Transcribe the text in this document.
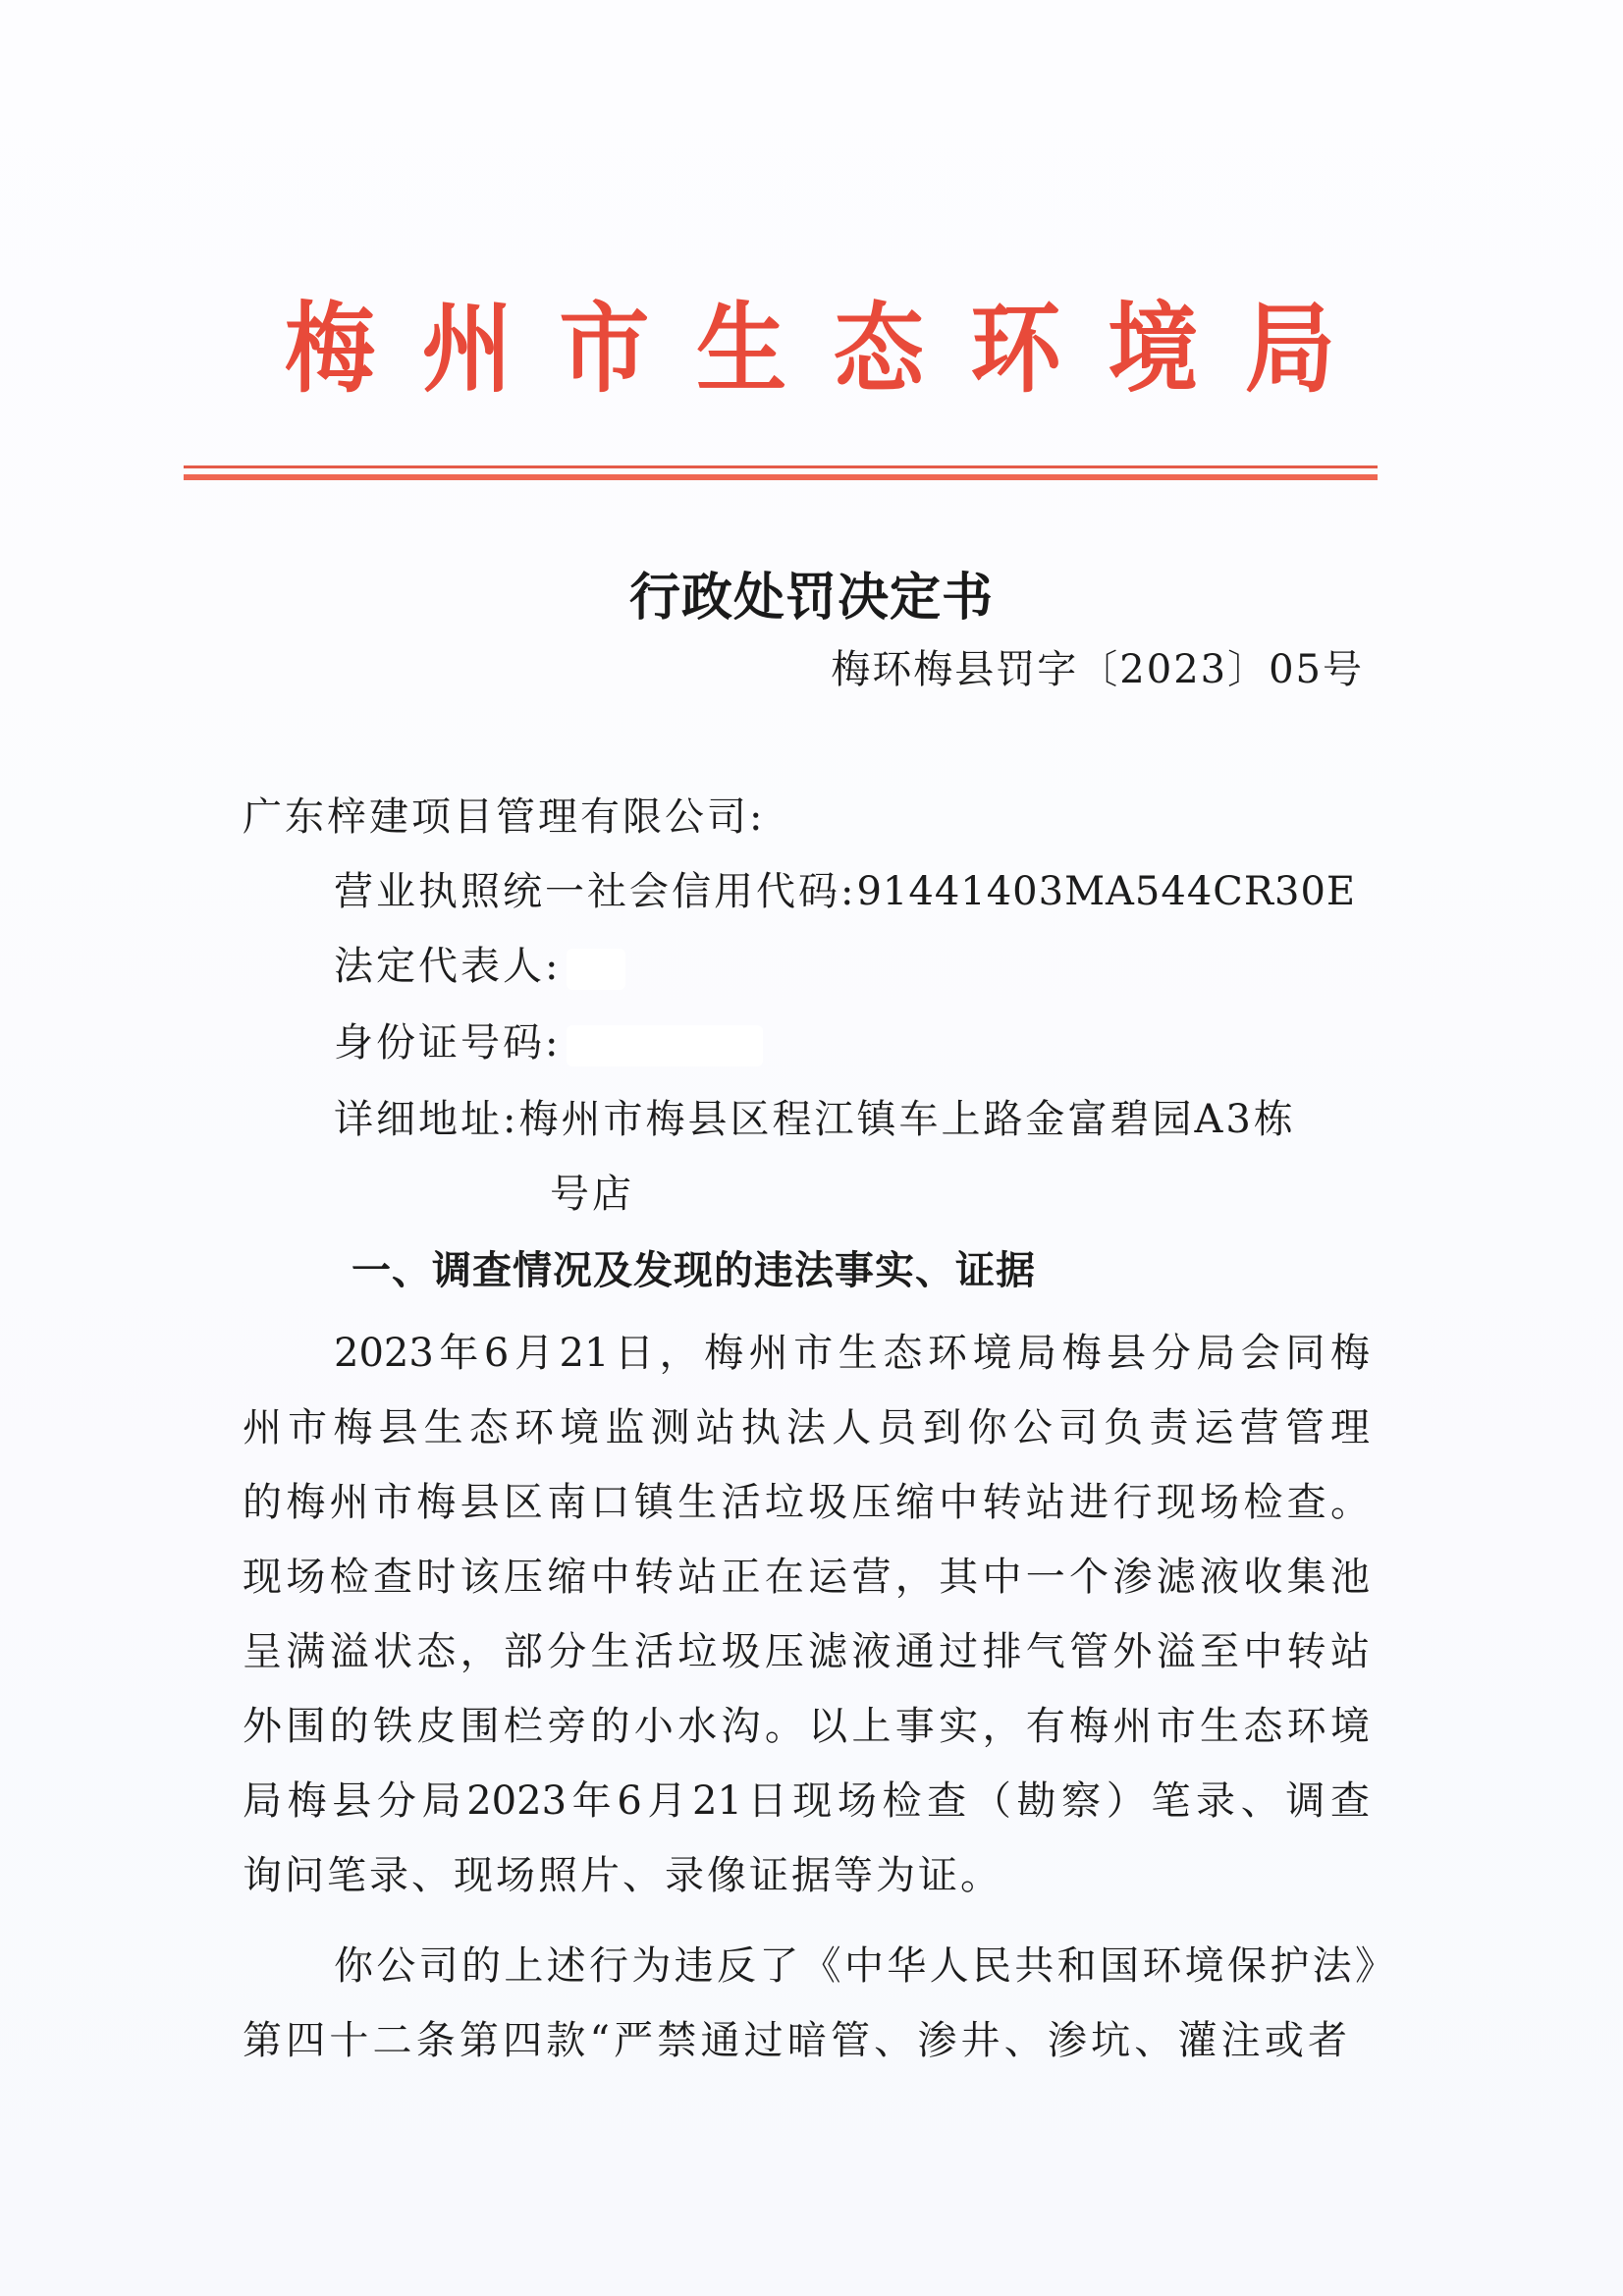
梅 州 市 生 态 环 境 局
行政处罚决定书
梅环梅县罚字〔2023〕05号
广东梓建项目管理有限公司:
营业执照统一社会信用代码:91441403MA544CR30E
法定代表人:
身份证号码:
详细地址:梅州市梅县区程江镇车上路金富碧园A3栋
号店
一、调查情况及发现的违法事实、证据
2023年6月21日，梅州市生态环境局梅县分局会同梅
州市梅县生态环境监测站执法人员到你公司负责运营管理
的梅州市梅县区南口镇生活垃圾压缩中转站进行现场检查。
现场检查时该压缩中转站正在运营，其中一个渗滤液收集池
呈满溢状态，部分生活垃圾压滤液通过排气管外溢至中转站
外围的铁皮围栏旁的小水沟。以上事实，有梅州市生态环境
局梅县分局2023年6月21日现场检查（勘察）笔录、调查
询问笔录、现场照片、录像证据等为证。
你公司的上述行为违反了《中华人民共和国环境保护法》
第四十二条第四款“严禁通过暗管、渗井、渗坑、灌注或者
